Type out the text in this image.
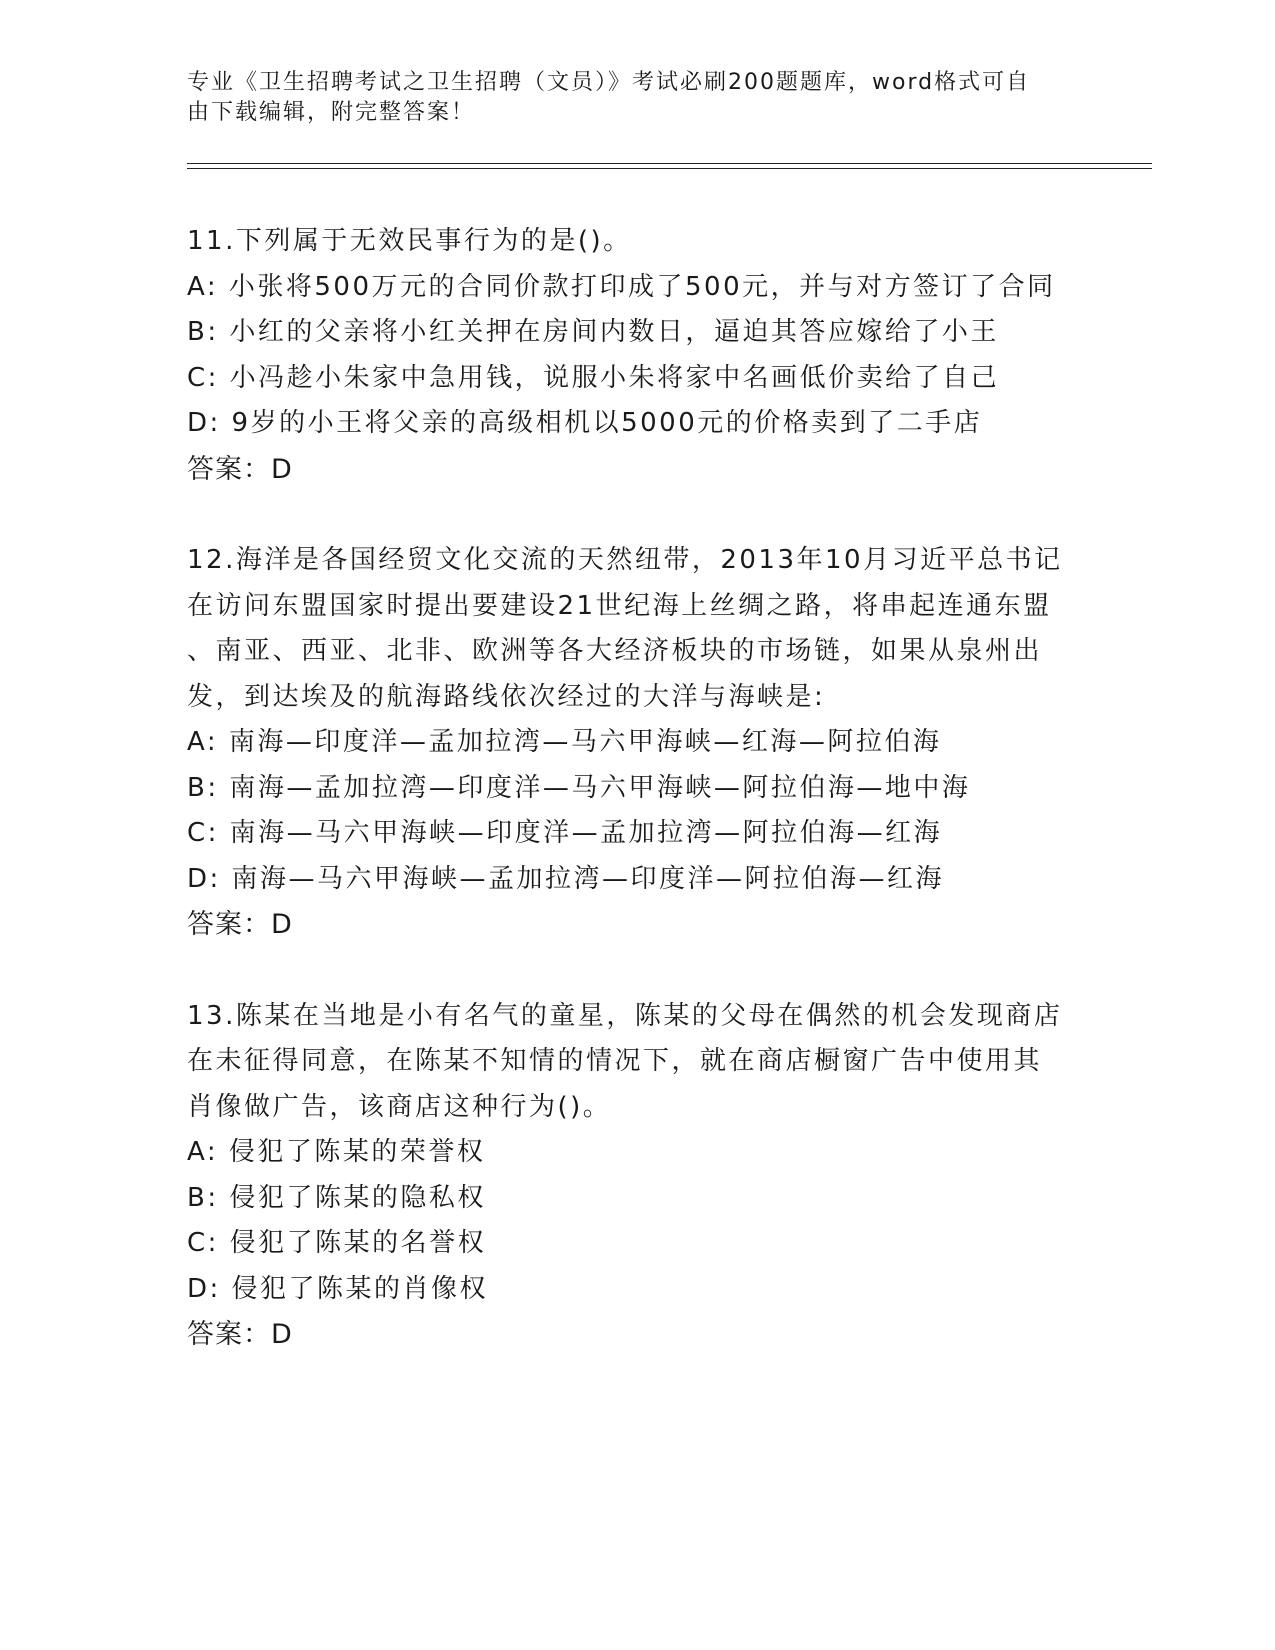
专业《卫生招聘考试之卫生招聘（文员）》考试必刷200题题库，word格式可自

由下载编辑，附完整答案！

11.下列属于无效民事行为的是()。

A: 小张将500万元的合同价款打印成了500元，并与对方签订了合同

B: 小红的父亲将小红关押在房间内数日，逼迫其答应嫁给了小王

C: 小冯趁小朱家中急用钱，说服小朱将家中名画低价卖给了自己

D: 9岁的小王将父亲的高级相机以5000元的价格卖到了二手店

答案：D

12.海洋是各国经贸文化交流的天然纽带，2013年10月习近平总书记

在访问东盟国家时提出要建设21世纪海上丝绸之路，将串起连通东盟

、南亚、西亚、北非、欧洲等各大经济板块的市场链，如果从泉州出

发，到达埃及的航海路线依次经过的大洋与海峡是:

A: 南海—印度洋—孟加拉湾—马六甲海峡—红海—阿拉伯海

B: 南海—孟加拉湾—印度洋—马六甲海峡—阿拉伯海—地中海

C: 南海—马六甲海峡—印度洋—孟加拉湾—阿拉伯海—红海

D: 南海—马六甲海峡—孟加拉湾—印度洋—阿拉伯海—红海

答案：D

13.陈某在当地是小有名气的童星，陈某的父母在偶然的机会发现商店

在未征得同意，在陈某不知情的情况下，就在商店橱窗广告中使用其

肖像做广告，该商店这种行为()。

A: 侵犯了陈某的荣誉权

B: 侵犯了陈某的隐私权

C: 侵犯了陈某的名誉权

D: 侵犯了陈某的肖像权

答案：D
